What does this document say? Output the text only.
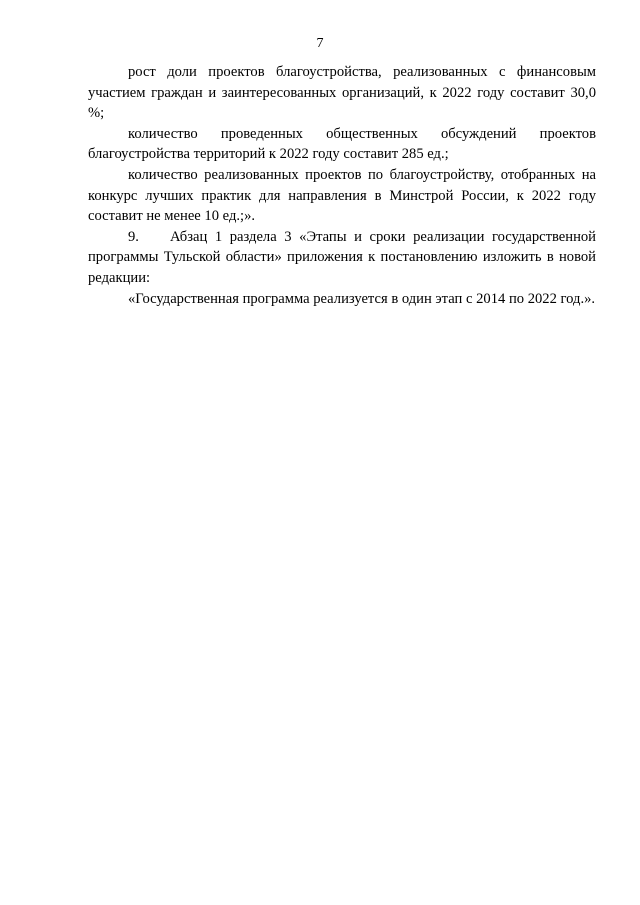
7

рост доли проектов благоустройства, реализованных с финансовым участием граждан и заинтересованных организаций, к 2022 году составит 30,0 %;

количество проведенных общественных обсуждений проектов благоустройства территорий к 2022 году составит 285 ед.;

количество реализованных проектов по благоустройству, отобранных на конкурс лучших практик для направления в Минстрой России, к 2022 году составит не менее 10 ед.;».

9. Абзац 1 раздела 3 «Этапы и сроки реализации государственной программы Тульской области» приложения к постановлению изложить в новой редакции:

«Государственная программа реализуется в один этап с 2014 по 2022 год.».
